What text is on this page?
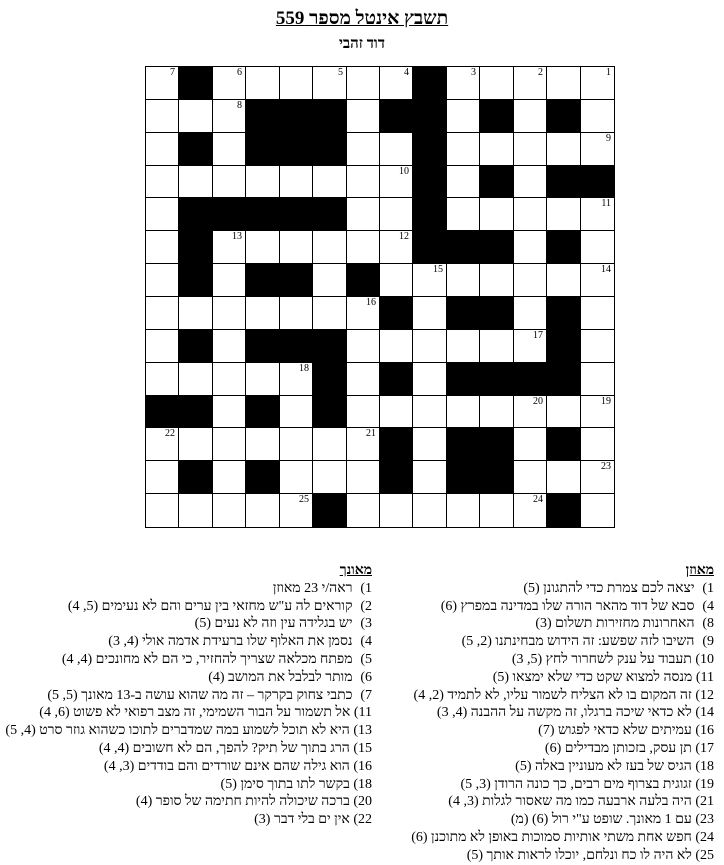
תשבץ אינטל מספר 559
דוד זהבי
7	6	5	4	3	2	1
8
9
10
11
13	12
15	14
16
17
18
20	19
22	21
23
25	24
מאוזן
1) יצאה לכם צמרת כדי להתגונן (5)
4) סבא של דוד מהאר הורה שלו במדינה במפרץ (6)
8) האחרונות מחזירות תשלום (3)
9) השיבו לזה שפשע: זה הידוש מבחינתנו (2, 5)
10) תעבוד על ענק לשחרור לחץ (5, 3)
11) מנסה למצוא שקט כדי שלא ימצאו (5)
12) זה המקום בו לא הצליח לשמור עליו, לא לתמיד (2, 4)
14) לא כדאי שיכה ברגלו, זה מקשה על ההבנה (4, 3)
16) עמיתים שלא כדאי לפגוש (7)
17) תן עסק, בזכותן מבדילים (6)
18) הגיס של בעז לא מעוניין באלה (5)
19) זגוגית בצרוף מים רבים, כך כונה הרודן (3, 5)
21) היה בלעה ארבעה כמו מה שאסור לגלות (3, 4)
23) עם 1 מאונך. שופט ע"י רול (6) (מ)
24) חפש אחת משתי אותיות סמוכות באופן לא מתוכנן (6)
25) לא היה לו כח ונלחם, יוכלו לראות אותך (5)
מאונך
1) ראה/י 23 מאוזן
2) קוראים לה ע"ש מחזאי בין ערים והם לא נעימים (5, 4)
3) יש בגלידה עין וזה לא נעים (5)
4) נסמן את האלוף שלו ברעידת אדמה אולי (4, 3)
5) מפתח מכלאה שצריך להחזיר, כי הם לא מחונכים (4, 4)
6) מותר לבלבל את המושב (4)
7) כתבי צחוק בקרקר – זה מה שהוא עושה ב-13 מאונך (5, 5)
11) אל תשמור על הבור השמימי, זה מצב רפואי לא פשוט (6, 4)
13) היא לא תוכל לשמוע במה שמדברים לתוכו כשהוא גוזר סרט (4, 5)
15) הרג בתוך של תיק? להפך, הם לא חשובים (4, 4)
16) הוא גילה שהם אינם שורדים והם בודדים (3, 4)
18) בקשר לתו בתוך סימן (5)
20) ברכה שיכולה להיות חתימה של סופר (4)
22) אין ים בלי דבר (3)
